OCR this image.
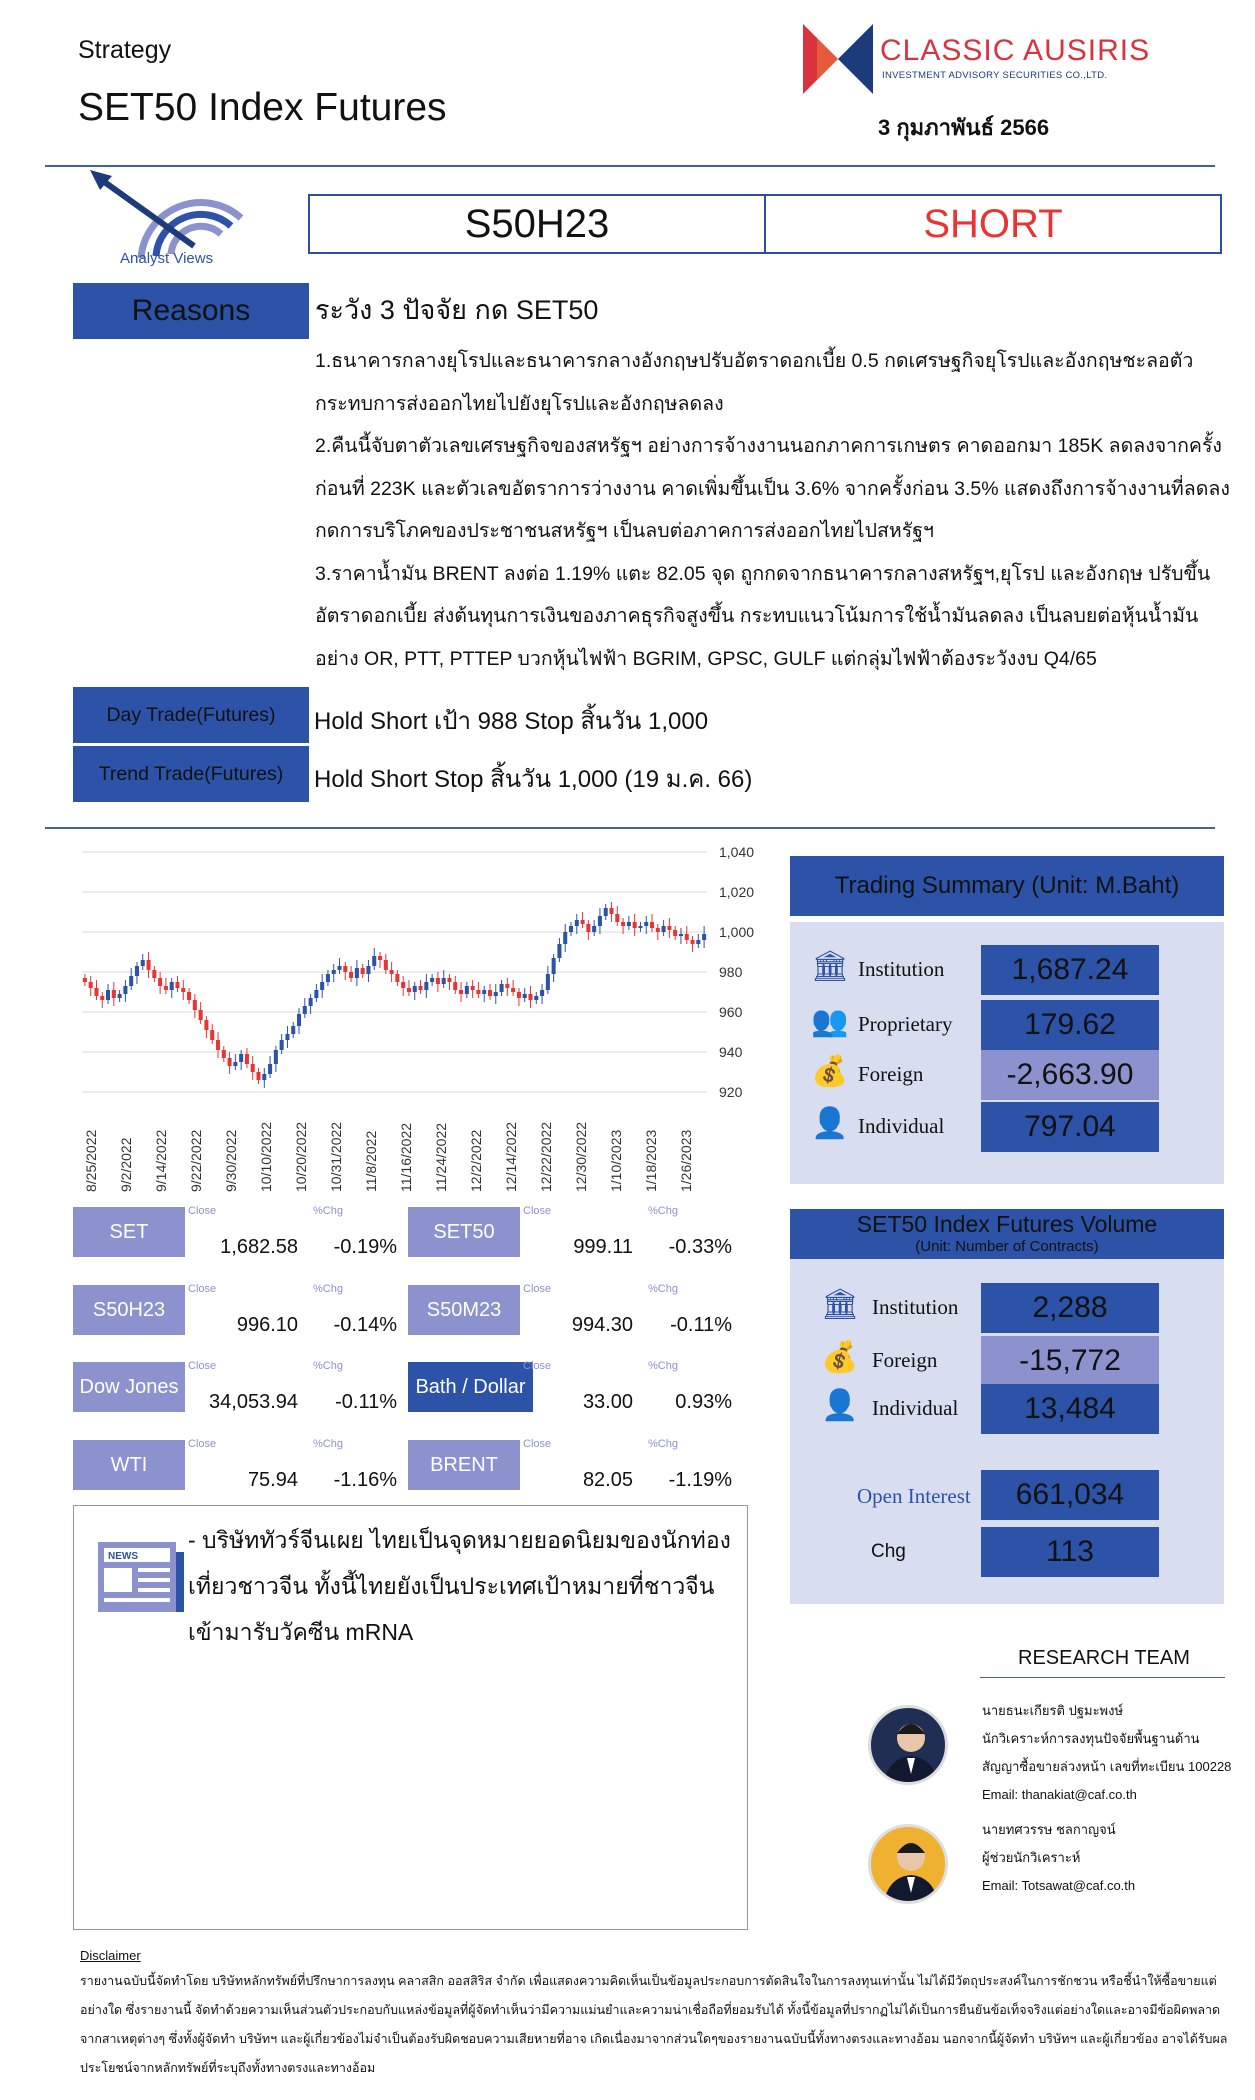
Strategy
SET50 Index Futures
CLASSIC AUSIRIS
INVESTMENT ADVISORY SECURITIES CO.,LTD.
3 กุมภาพันธ์ 2566
Analyst Views
S50H23	SHORT
Reasons	ระวัง 3 ปัจจัย กด SET50

1.ธนาคารกลางยุโรปและธนาคารกลางอังกฤษปรับอัตราดอกเบี้ย 0.5 กดเศรษฐกิจยุโรปและอังกฤษชะลอตัว กระทบการส่งออกไทยไปยังยุโรปและอังกฤษลดลง

2.คืนนี้จับตาตัวเลขเศรษฐกิจของสหรัฐฯ อย่างการจ้างงานนอกภาคการเกษตร คาดออกมา 185K ลดลงจากครั้งก่อนที่ 223K และตัวเลขอัตราการว่างงาน คาดเพิ่มขึ้นเป็น 3.6% จากครั้งก่อน 3.5% แสดงถึงการจ้างงานที่ลดลง กดการบริโภคของประชาชนสหรัฐฯ เป็นลบต่อภาคการส่งออกไทยไปสหรัฐฯ

3.ราคาน้ำมัน BRENT ลงต่อ 1.19% แตะ 82.05 จุด ถูกกดจากธนาคารกลางสหรัฐฯ,ยุโรป และอังกฤษ ปรับขึ้นอัตราดอกเบี้ย ส่งต้นทุนการเงินของภาคธุรกิจสูงขึ้น กระทบแนวโน้มการใช้น้ำมันลดลง เป็นลบยต่อหุ้นน้ำมันอย่าง OR, PTT, PTTEP บวกหุ้นไฟฟ้า BGRIM, GPSC, GULF แต่กลุ่มไฟฟ้าต้องระวังงบ Q4/65

Day Trade(Futures)	Hold Short เป้า 988 Stop สิ้นวัน 1,000
Trend Trade(Futures)	Hold Short Stop สิ้นวัน 1,000 (19 ม.ค. 66)
1,040
1,020
1,000
980
960
940
920
8/25/2022 9/2/2022 9/14/2022 9/22/2022 9/30/2022 10/10/2022 10/20/2022 10/31/2022 11/8/2022 11/16/2022 11/24/2022 12/2/2022 12/14/2022 12/22/2022 12/30/2022 1/10/2023 1/18/2023 1/26/2023
Trading Summary (Unit: M.Baht)
🏛 Institution	1,687.24
👥 Proprietary	179.62
💰 Foreign	-2,663.90
👤 Individual	797.04
SET50 Index Futures Volume
(Unit: Number of Contracts)
🏛 Institution	2,288
💰 Foreign	-15,772
👤 Individual	13,484
Open Interest	661,034
Chg	113
SET
Close	%Chg
1,682.58	-0.19%
SET50
Close	%Chg
999.11	-0.33%
S50H23
Close	%Chg
996.10	-0.14%
S50M23
Close	%Chg
994.30	-0.11%
Dow Jones
Close	%Chg
34,053.94	-0.11%
Bath / Dollar
Close	%Chg
33.00	0.93%
WTI
Close	%Chg
75.94	-1.16%
BRENT
Close	%Chg
82.05	-1.19%
NEWS
- บริษัททัวร์จีนเผย ไทยเป็นจุดหมายยอดนิยมของนักท่องเที่ยวชาวจีน ทั้งนี้ไทยยังเป็นประเทศเป้าหมายที่ชาวจีนเข้ามารับวัคซีน mRNA
RESEARCH TEAM
นายธนะเกียรติ ปฐมะพงษ์
นักวิเคราะห์การลงทุนปัจจัยพื้นฐานด้านสัญญาซื้อขายล่วงหน้า เลขที่ทะเบียน 100228
Email: thanakiat@caf.co.th
นายทศวรรษ ชลกาญจน์
ผู้ช่วยนักวิเคราะห์
Email: Totsawat@caf.co.th
Disclaimer
รายงานฉบับนี้จัดทำโดย บริษัทหลักทรัพย์ที่ปรึกษาการลงทุน คลาสสิก ออสสิริส จำกัด เพื่อแสดงความคิดเห็นเป็นข้อมูลประกอบการตัดสินใจในการลงทุนเท่านั้น ไม่ได้มีวัตถุประสงค์ในการชักชวน หรือชี้นำให้ซื้อขายแต่อย่างใด ซึ่งรายงานนี้ จัดทำด้วยความเห็นส่วนตัวประกอบกับแหล่งข้อมูลที่ผู้จัดทำเห็นว่ามีความแม่นยำและความน่าเชื่อถือที่ยอมรับได้ ทั้งนี้ข้อมูลที่ปรากฏไม่ได้เป็นการยืนยันข้อเท็จจริงแต่อย่างใดและอาจมีข้อผิดพลาดจากสาเหตุต่างๆ ซึ่งทั้งผู้จัดทำ บริษัทฯ และผู้เกี่ยวข้องไม่จำเป็นต้องรับผิดชอบความเสียหายที่อาจ เกิดเนื่องมาจากส่วนใดๆของรายงานฉบับนี้ทั้งทางตรงและทางอ้อม นอกจากนี้ผู้จัดทำ บริษัทฯ และผู้เกี่ยวข้อง อาจได้รับผลประโยชน์จากหลักทรัพย์ที่ระบุถึงทั้งทางตรงและทางอ้อม
